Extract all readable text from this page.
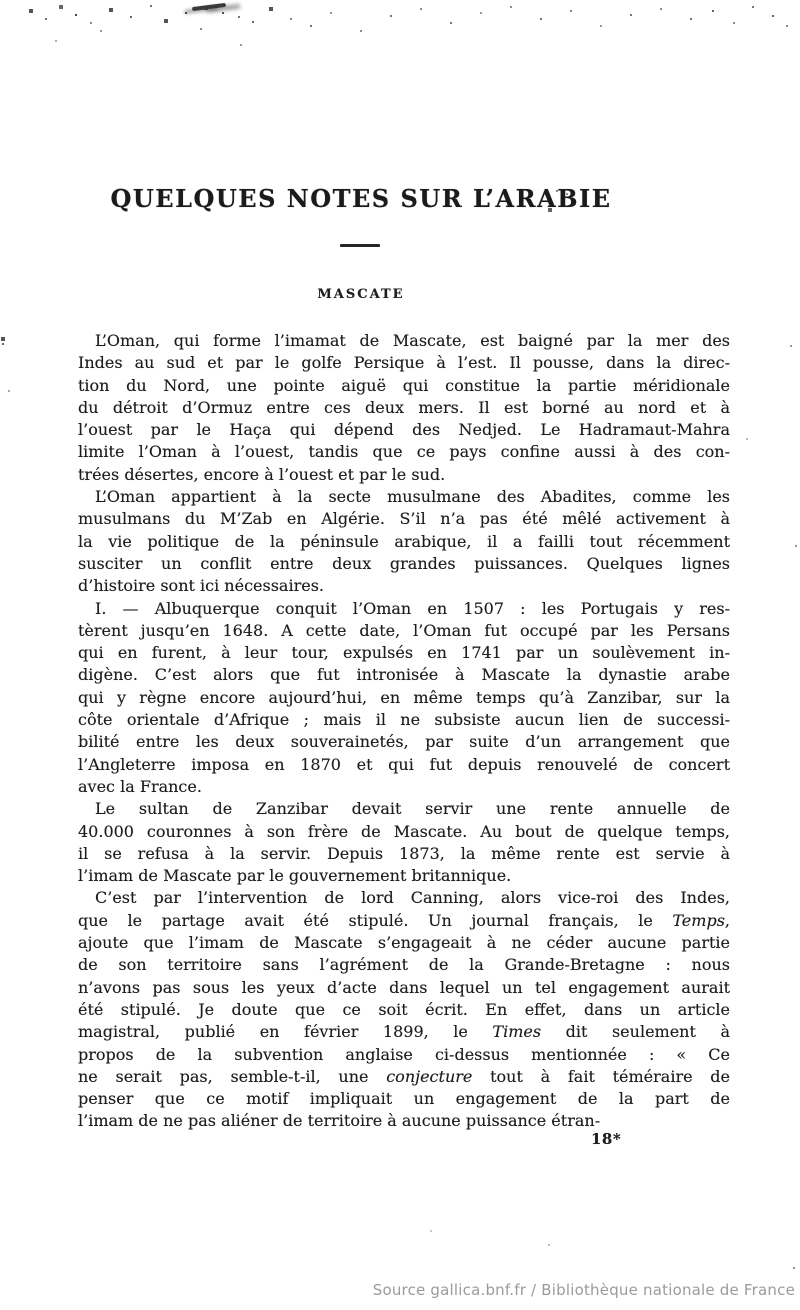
QUELQUES NOTES SUR L’ARABIE
MASCATE
L’Oman, qui forme l’imamat de Mascate, est baigné par la mer des
Indes au sud et par le golfe Persique à l’est. Il pousse, dans la direc-
tion du Nord, une pointe aiguë qui constitue la partie méridionale
du détroit d’Ormuz entre ces deux mers. Il est borné au nord et à
l’ouest par le Haça qui dépend des Nedjed. Le Hadramaut-Mahra
limite l’Oman à l’ouest, tandis que ce pays confine aussi à des con-
trées désertes, encore à l’ouest et par le sud.
L’Oman appartient à la secte musulmane des Abadites, comme les
musulmans du M’Zab en Algérie. S’il n’a pas été mêlé activement à
la vie politique de la péninsule arabique, il a failli tout récemment
susciter un conflit entre deux grandes puissances. Quelques lignes
d’histoire sont ici nécessaires.
I. — Albuquerque conquit l’Oman en 1507 : les Portugais y res-
tèrent jusqu’en 1648. A cette date, l’Oman fut occupé par les Persans
qui en furent, à leur tour, expulsés en 1741 par un soulèvement in-
digène. C’est alors que fut intronisée à Mascate la dynastie arabe
qui y règne encore aujourd’hui, en même temps qu’à Zanzibar, sur la
côte orientale d’Afrique ; mais il ne subsiste aucun lien de successi-
bilité entre les deux souverainetés, par suite d’un arrangement que
l’Angleterre imposa en 1870 et qui fut depuis renouvelé de concert
avec la France.
Le sultan de Zanzibar devait servir une rente annuelle de
40.000 couronnes à son frère de Mascate. Au bout de quelque temps,
il se refusa à la servir. Depuis 1873, la même rente est servie à
l’imam de Mascate par le gouvernement britannique.
C’est par l’intervention de lord Canning, alors vice-roi des Indes,
que le partage avait été stipulé. Un journal français, le Temps,
ajoute que l’imam de Mascate s’engageait à ne céder aucune partie
de son territoire sans l’agrément de la Grande-Bretagne : nous
n’avons pas sous les yeux d’acte dans lequel un tel engagement aurait
été stipulé. Je doute que ce soit écrit. En effet, dans un article
magistral, publié en février 1899, le Times dit seulement à
propos de la subvention anglaise ci-dessus mentionnée : « Ce
ne serait pas, semble-t-il, une conjecture tout à fait téméraire de
penser que ce motif impliquait un engagement de la part de
l’imam de ne pas aliéner de territoire à aucune puissance étran-
18*
Source gallica.bnf.fr / Bibliothèque nationale de France
